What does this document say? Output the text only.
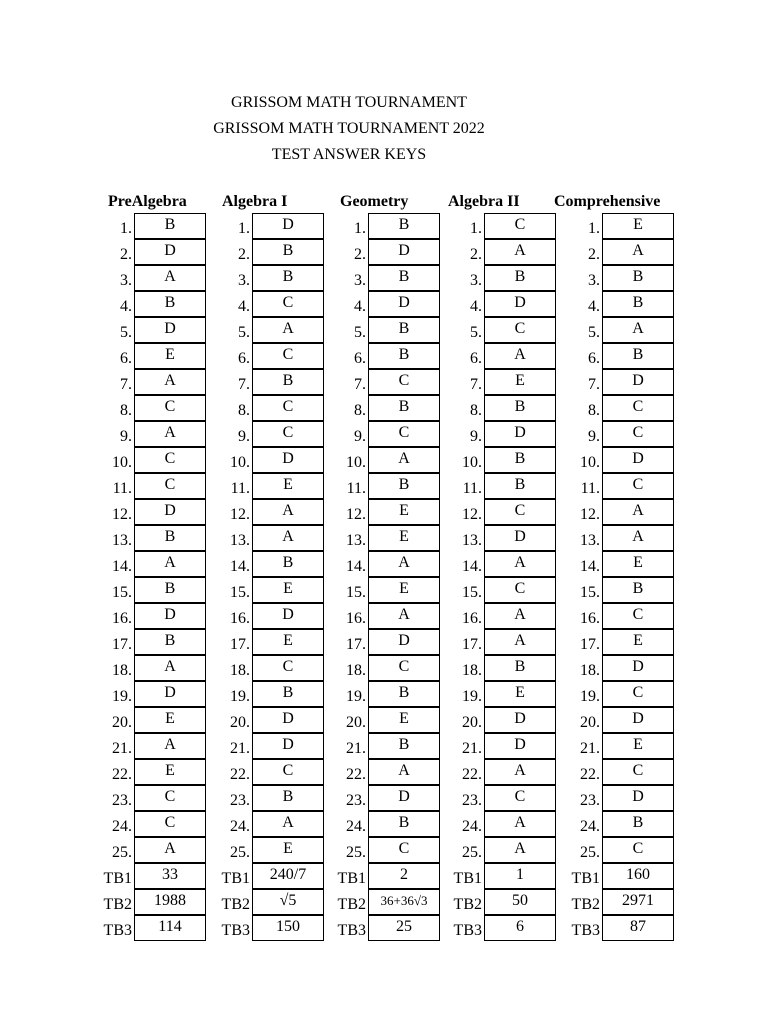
GRISSOM MATH TOURNAMENT
GRISSOM MATH TOURNAMENT 2022
TEST ANSWER KEYS
PreAlgebra
1.	B
2.	D
3.	A
4.	B
5.	D
6.	E
7.	A
8.	C
9.	A
10.	C
11.	C
12.	D
13.	B
14.	A
15.	B
16.	D
17.	B
18.	A
19.	D
20.	E
21.	A
22.	E
23.	C
24.	C
25.	A
TB1	33
TB2	1988
TB3	114
Algebra I
1.	D
2.	B
3.	B
4.	C
5.	A
6.	C
7.	B
8.	C
9.	C
10.	D
11.	E
12.	A
13.	A
14.	B
15.	E
16.	D
17.	E
18.	C
19.	B
20.	D
21.	D
22.	C
23.	B
24.	A
25.	E
TB1	240/7
TB2	√5
TB3	150
Geometry
1.	B
2.	D
3.	B
4.	D
5.	B
6.	B
7.	C
8.	B
9.	C
10.	A
11.	B
12.	E
13.	E
14.	A
15.	E
16.	A
17.	D
18.	C
19.	B
20.	E
21.	B
22.	A
23.	D
24.	B
25.	C
TB1	2
TB2	36+36√3
TB3	25
Algebra II
1.	C
2.	A
3.	B
4.	D
5.	C
6.	A
7.	E
8.	B
9.	D
10.	B
11.	B
12.	C
13.	D
14.	A
15.	C
16.	A
17.	A
18.	B
19.	E
20.	D
21.	D
22.	A
23.	C
24.	A
25.	A
TB1	1
TB2	50
TB3	6
Comprehensive
1.	E
2.	A
3.	B
4.	B
5.	A
6.	B
7.	D
8.	C
9.	C
10.	D
11.	C
12.	A
13.	A
14.	E
15.	B
16.	C
17.	E
18.	D
19.	C
20.	D
21.	E
22.	C
23.	D
24.	B
25.	C
TB1	160
TB2	2971
TB3	87
